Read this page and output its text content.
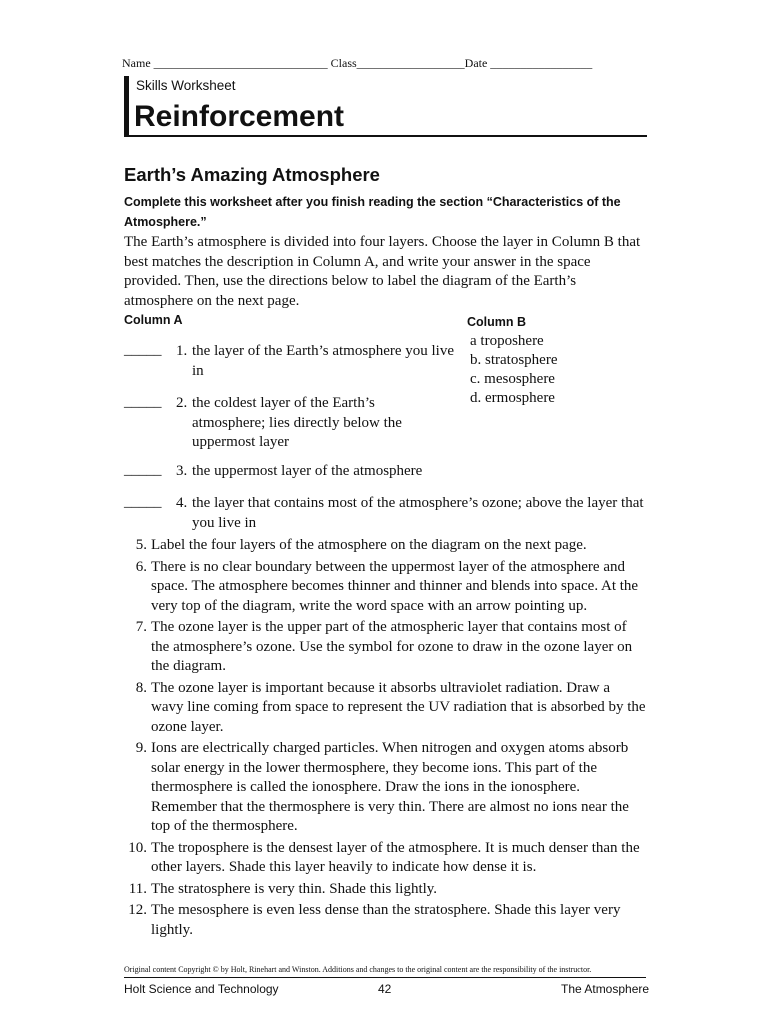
Name _____________________________ Class__________________Date _________________
Skills Worksheet
Reinforcement
Earth’s Amazing Atmosphere
Complete this worksheet after you finish reading the section “Characteristics of the Atmosphere.”
The Earth’s atmosphere is divided into four layers. Choose the layer in Column B that best matches the description in Column A, and write your answer in the space provided. Then, use the directions below to label the diagram of the Earth’s atmosphere on the next page.
Column A	Column B
a troposhere
b. stratosphere
c. mesosphere
d. ermosphere
_____ 1. the layer of the Earth’s atmosphere you live in
_____ 2. the coldest layer of the Earth’s atmosphere; lies directly below the uppermost layer
_____ 3. the uppermost layer of the atmosphere
_____ 4. the layer that contains most of the atmosphere’s ozone; above the layer that you live in
5. Label the four layers of the atmosphere on the diagram on the next page.
6. There is no clear boundary between the uppermost layer of the atmosphere and space. The atmosphere becomes thinner and thinner and blends into space. At the very top of the diagram, write the word space with an arrow pointing up.
7. The ozone layer is the upper part of the atmospheric layer that contains most of the atmosphere’s ozone. Use the symbol for ozone to draw in the ozone layer on the diagram.
8. The ozone layer is important because it absorbs ultraviolet radiation. Draw a wavy line coming from space to represent the UV radiation that is absorbed by the ozone layer.
9. Ions are electrically charged particles. When nitrogen and oxygen atoms absorb solar energy in the lower thermosphere, they become ions. This part of the thermosphere is called the ionosphere. Draw the ions in the ionosphere. Remember that the thermosphere is very thin. There are almost no ions near the top of the thermosphere.
10. The troposphere is the densest layer of the atmosphere. It is much denser than the other layers. Shade this layer heavily to indicate how dense it is.
11. The stratosphere is very thin. Shade this lightly.
12. The mesosphere is even less dense than the stratosphere. Shade this layer very lightly.
Original content Copyright © by Holt, Rinehart and Winston. Additions and changes to the original content are the responsibility of the instructor.
Holt Science and Technology	42	The Atmosphere
